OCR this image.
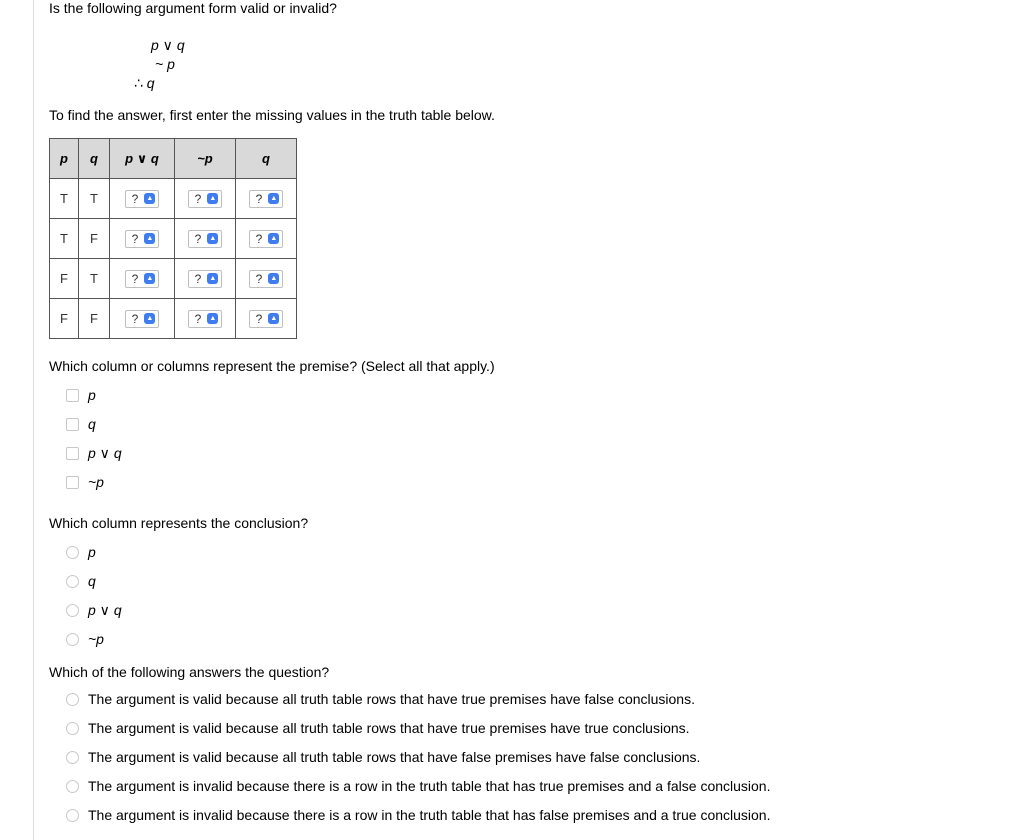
Is the following argument form valid or invalid?
p ∨ q
~ p
∴ q
To find the answer, first enter the missing values in the truth table below.
p	q	p ∨ q	~p	q
T	T	? ▲	? ▲	? ▲

T	F	? ▲	? ▲	? ▲

F	T	? ▲	? ▲	? ▲

F	F	? ▲	? ▲	? ▲
Which column or columns represent the premise? (Select all that apply.)
p
q
p ∨ q
~p
Which column represents the conclusion?
p
q
p ∨ q
~p
Which of the following answers the question?
The argument is valid because all truth table rows that have true premises have false conclusions.
The argument is valid because all truth table rows that have true premises have true conclusions.
The argument is valid because all truth table rows that have false premises have false conclusions.
The argument is invalid because there is a row in the truth table that has true premises and a false conclusion.
The argument is invalid because there is a row in the truth table that has false premises and a true conclusion.
